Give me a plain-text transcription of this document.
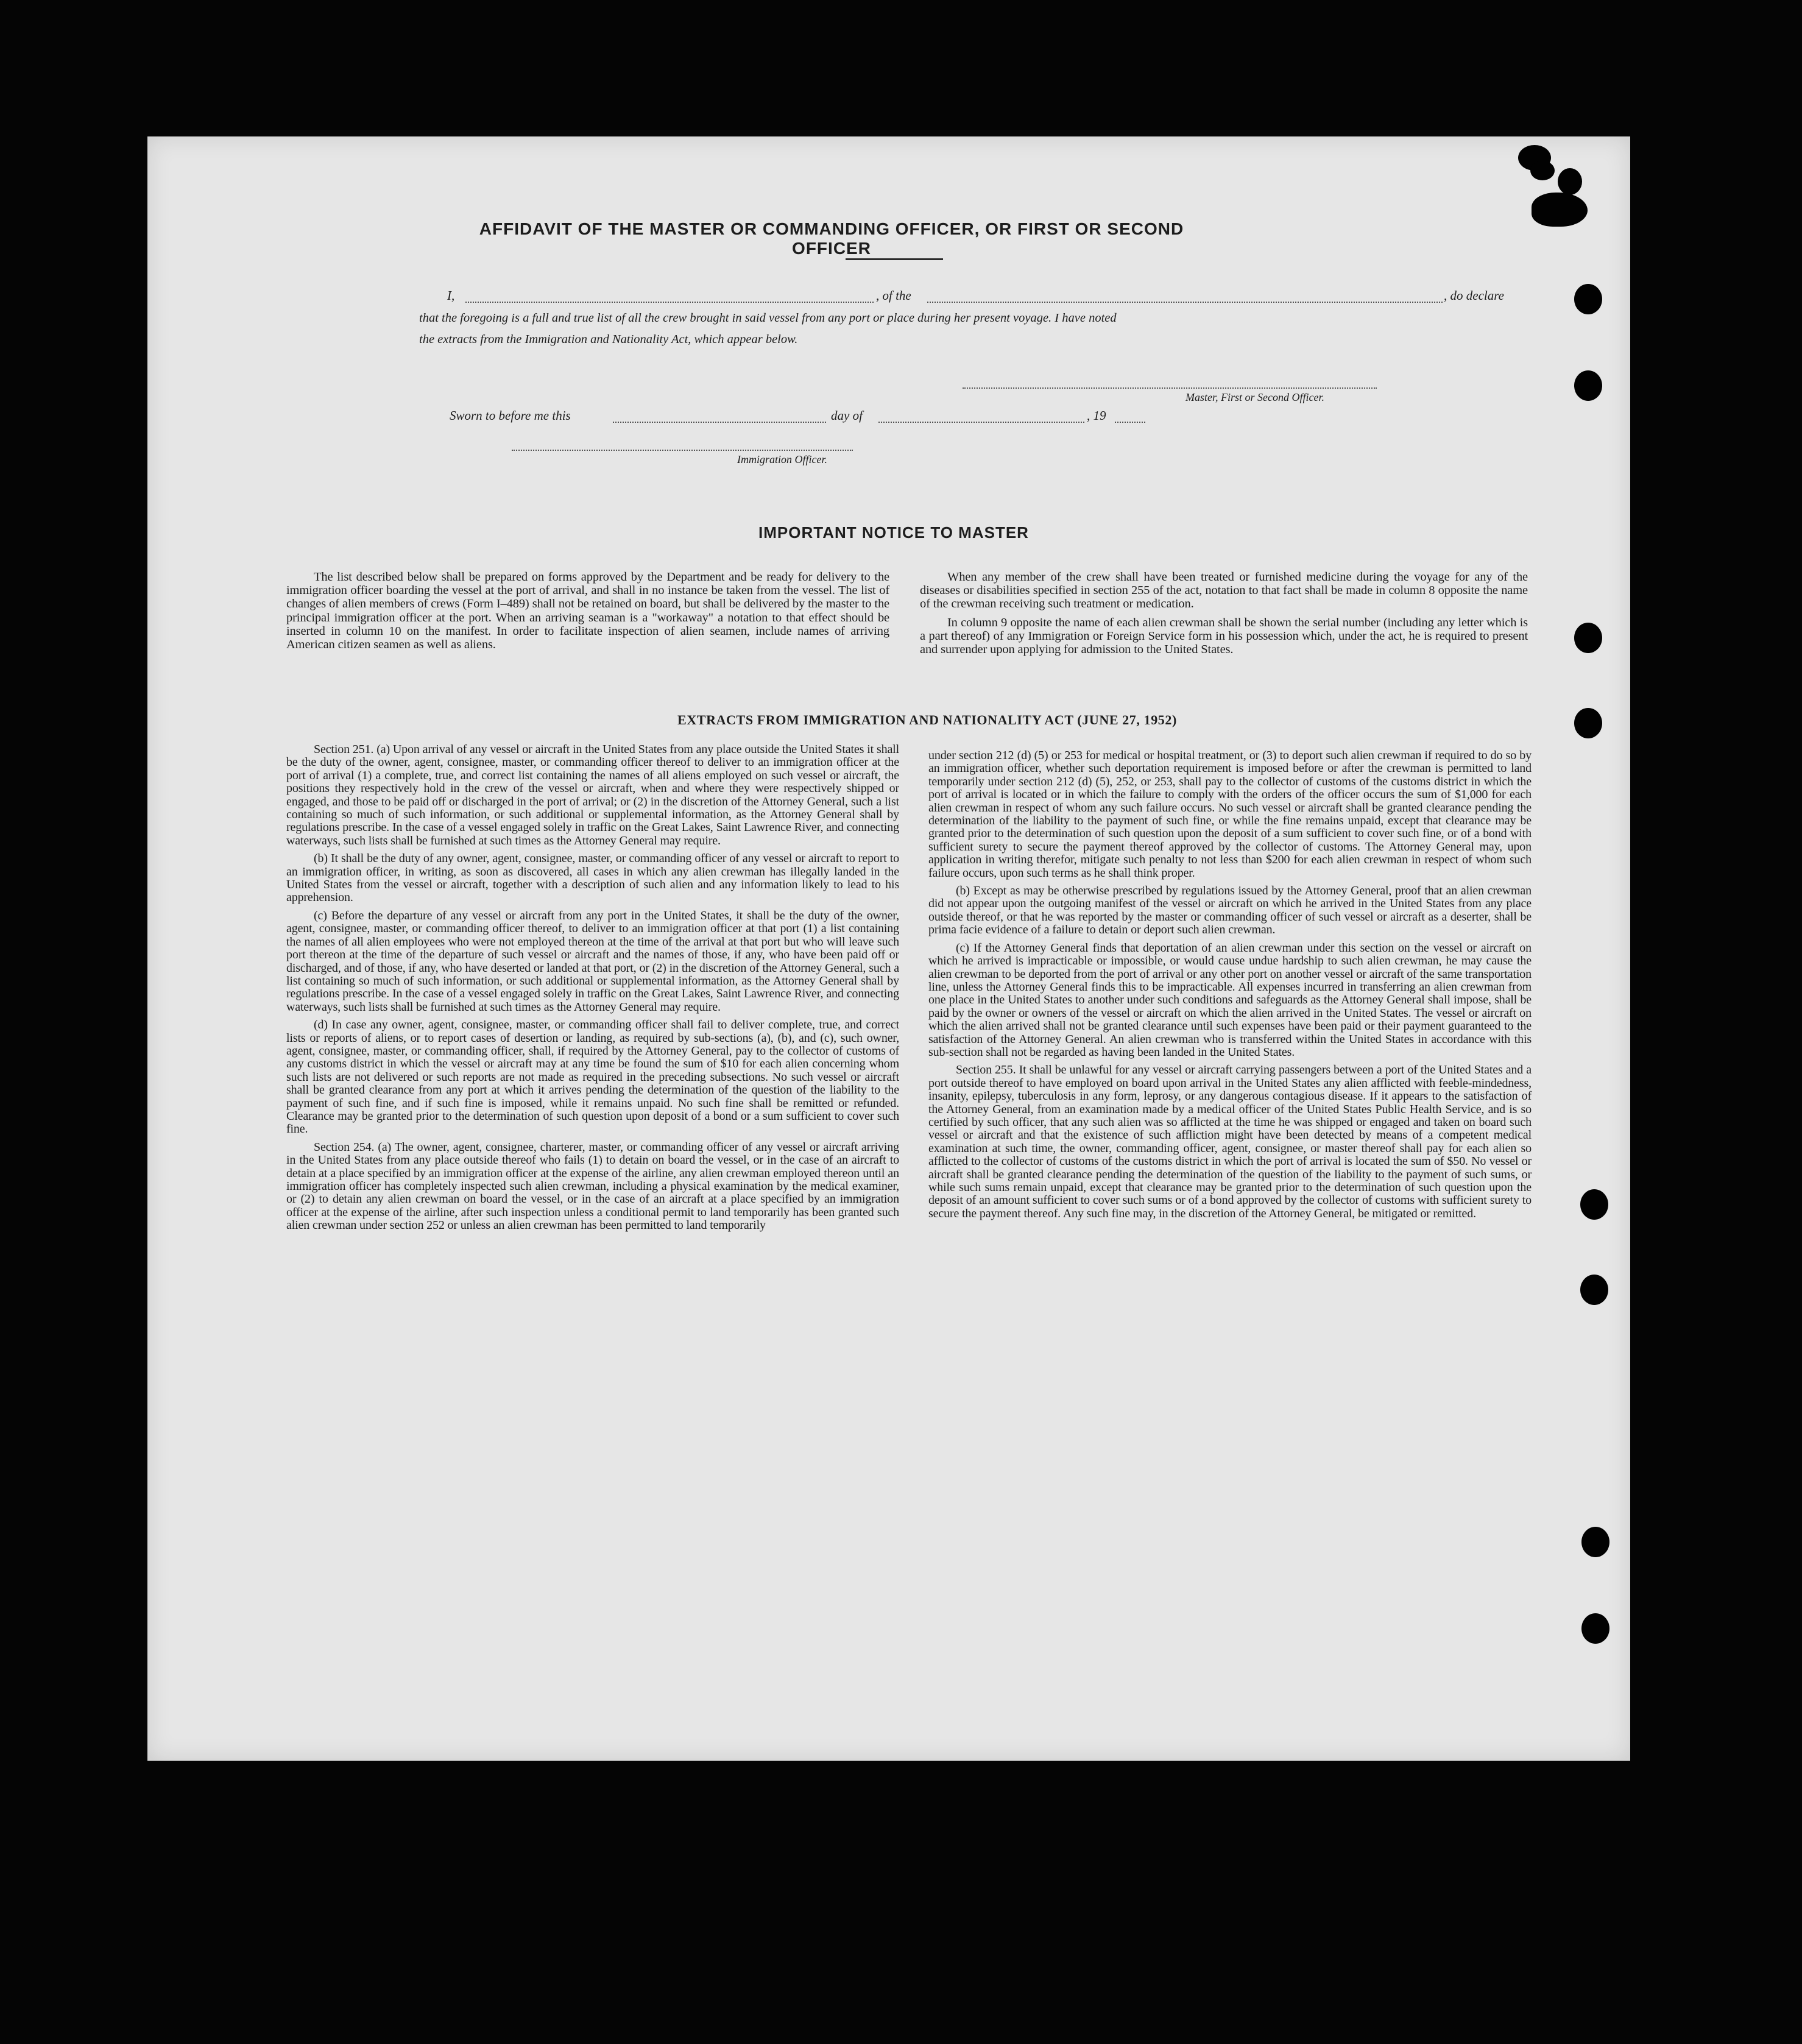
AFFIDAVIT OF THE MASTER OR COMMANDING OFFICER, OR FIRST OR SECOND OFFICER
I,	, of the	, do declare
that the foregoing is a full and true list of all the crew brought in said vessel from any port or place during her present voyage. I have noted
the extracts from the Immigration and Nationality Act, which appear below.
Master, First or Second Officer.
Sworn to before me this	day of	, 19
Immigration Officer.
IMPORTANT NOTICE TO MASTER

The list described below shall be prepared on forms approved by the Department and be ready for delivery to the immigration officer boarding the vessel at the port of arrival, and shall in no instance be taken from the vessel. The list of changes of alien members of crews (Form I–489) shall not be retained on board, but shall be delivered by the master to the principal immigration officer at the port. When an arriving seaman is a "workaway" a notation to that effect should be inserted in column 10 on the manifest. In order to facilitate inspection of alien seamen, include names of arriving American citizen seamen as well as aliens.

When any member of the crew shall have been treated or furnished medicine during the voyage for any of the diseases or disabilities specified in section 255 of the act, notation to that fact shall be made in column 8 opposite the name of the crewman receiving such treatment or medication.

In column 9 opposite the name of each alien crewman shall be shown the serial number (including any letter which is a part thereof) of any Immigration or Foreign Service form in his possession which, under the act, he is required to present and surrender upon applying for admission to the United States.

EXTRACTS FROM IMMIGRATION AND NATIONALITY ACT (JUNE 27, 1952)

Section 251. (a) Upon arrival of any vessel or aircraft in the United States from any place outside the United States it shall be the duty of the owner, agent, consignee, master, or commanding officer thereof to deliver to an immigration officer at the port of arrival (1) a complete, true, and correct list containing the names of all aliens employed on such vessel or aircraft, the positions they respectively hold in the crew of the vessel or aircraft, when and where they were respectively shipped or engaged, and those to be paid off or discharged in the port of arrival; or (2) in the discretion of the Attorney General, such a list containing so much of such information, or such additional or supplemental information, as the Attorney General shall by regulations prescribe. In the case of a vessel engaged solely in traffic on the Great Lakes, Saint Lawrence River, and connecting waterways, such lists shall be furnished at such times as the Attorney General may require.

(b) It shall be the duty of any owner, agent, consignee, master, or commanding officer of any vessel or aircraft to report to an immigration officer, in writing, as soon as discovered, all cases in which any alien crewman has illegally landed in the United States from the vessel or aircraft, together with a description of such alien and any information likely to lead to his apprehension.

(c) Before the departure of any vessel or aircraft from any port in the United States, it shall be the duty of the owner, agent, consignee, master, or commanding officer thereof, to deliver to an immigration officer at that port (1) a list containing the names of all alien employees who were not employed thereon at the time of the arrival at that port but who will leave such port thereon at the time of the departure of such vessel or aircraft and the names of those, if any, who have been paid off or discharged, and of those, if any, who have deserted or landed at that port, or (2) in the discretion of the Attorney General, such a list containing so much of such information, or such additional or supplemental information, as the Attorney General shall by regulations prescribe. In the case of a vessel engaged solely in traffic on the Great Lakes, Saint Lawrence River, and connecting waterways, such lists shall be furnished at such times as the Attorney General may require.

(d) In case any owner, agent, consignee, master, or commanding officer shall fail to deliver complete, true, and correct lists or reports of aliens, or to report cases of desertion or landing, as required by sub-sections (a), (b), and (c), such owner, agent, consignee, master, or commanding officer, shall, if required by the Attorney General, pay to the collector of customs of any customs district in which the vessel or aircraft may at any time be found the sum of $10 for each alien concerning whom such lists are not delivered or such reports are not made as required in the preceding subsections. No such vessel or aircraft shall be granted clearance from any port at which it arrives pending the determination of the question of the liability to the payment of such fine, and if such fine is imposed, while it remains unpaid. No such fine shall be remitted or refunded. Clearance may be granted prior to the determination of such question upon deposit of a bond or a sum sufficient to cover such fine.

Section 254. (a) The owner, agent, consignee, charterer, master, or commanding officer of any vessel or aircraft arriving in the United States from any place outside thereof who fails (1) to detain on board the vessel, or in the case of an aircraft to detain at a place specified by an immigration officer at the expense of the airline, any alien crewman employed thereon until an immigration officer has completely inspected such alien crewman, including a physical examination by the medical examiner, or (2) to detain any alien crewman on board the vessel, or in the case of an aircraft at a place specified by an immigration officer at the expense of the airline, after such inspection unless a conditional permit to land temporarily has been granted such alien crewman under section 252 or unless an alien crewman has been permitted to land temporarily

under section 212 (d) (5) or 253 for medical or hospital treatment, or (3) to deport such alien crewman if required to do so by an immigration officer, whether such deportation requirement is imposed before or after the crewman is permitted to land temporarily under section 212 (d) (5), 252, or 253, shall pay to the collector of customs of the customs district in which the port of arrival is located or in which the failure to comply with the orders of the officer occurs the sum of $1,000 for each alien crewman in respect of whom any such failure occurs. No such vessel or aircraft shall be granted clearance pending the determination of the liability to the payment of such fine, or while the fine remains unpaid, except that clearance may be granted prior to the determination of such question upon the deposit of a sum sufficient to cover such fine, or of a bond with sufficient surety to secure the payment thereof approved by the collector of customs. The Attorney General may, upon application in writing therefor, mitigate such penalty to not less than $200 for each alien crewman in respect of whom such failure occurs, upon such terms as he shall think proper.

(b) Except as may be otherwise prescribed by regulations issued by the Attorney General, proof that an alien crewman did not appear upon the outgoing manifest of the vessel or aircraft on which he arrived in the United States from any place outside thereof, or that he was reported by the master or commanding officer of such vessel or aircraft as a deserter, shall be prima facie evidence of a failure to detain or deport such alien crewman.

(c) If the Attorney General finds that deportation of an alien crewman under this section on the vessel or aircraft on which he arrived is impracticable or impossible, or would cause undue hardship to such alien crewman, he may cause the alien crewman to be deported from the port of arrival or any other port on another vessel or aircraft of the same transportation line, unless the Attorney General finds this to be impracticable. All expenses incurred in transferring an alien crewman from one place in the United States to another under such conditions and safeguards as the Attorney General shall impose, shall be paid by the owner or owners of the vessel or aircraft on which the alien arrived in the United States. The vessel or aircraft on which the alien arrived shall not be granted clearance until such expenses have been paid or their payment guaranteed to the satisfaction of the Attorney General. An alien crewman who is transferred within the United States in accordance with this sub-section shall not be regarded as having been landed in the United States.

Section 255. It shall be unlawful for any vessel or aircraft carrying passengers between a port of the United States and a port outside thereof to have employed on board upon arrival in the United States any alien afflicted with feeble-mindedness, insanity, epilepsy, tuberculosis in any form, leprosy, or any dangerous contagious disease. If it appears to the satisfaction of the Attorney General, from an examination made by a medical officer of the United States Public Health Service, and is so certified by such officer, that any such alien was so afflicted at the time he was shipped or engaged and taken on board such vessel or aircraft and that the existence of such affliction might have been detected by means of a competent medical examination at such time, the owner, commanding officer, agent, consignee, or master thereof shall pay for each alien so afflicted to the collector of customs of the customs district in which the port of arrival is located the sum of $50. No vessel or aircraft shall be granted clearance pending the determination of the question of the liability to the payment of such sums, or while such sums remain unpaid, except that clearance may be granted prior to the determination of such question upon the deposit of an amount sufficient to cover such sums or of a bond approved by the collector of customs with sufficient surety to secure the payment thereof. Any such fine may, in the discretion of the Attorney General, be mitigated or remitted.
